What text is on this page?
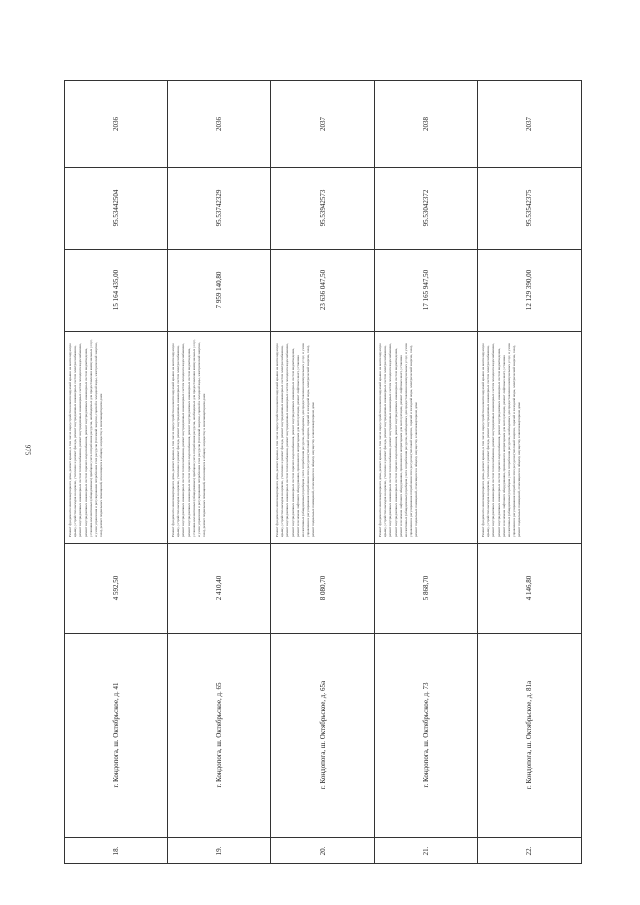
975
2036
95.53442504
15 164 435,00
Ремонт фундамента многоквартирного дома, ремонт крыши, в том числе переустройство невентилируемой крыши на вентилируемую крышу, устройство выходов на кровлю, утепление и ремонт фасада, ремонт внутридомовых инженерных систем электроснабжения, ремонт внутридомовых инженерных систем теплоснабжения, ремонт внутридомовых инженерных систем холодного водоснабжения, ремонт внутридомовых инженерных систем горячего водоснабжения, ремонт внутридомовых инженерных систем водоотведения, установка коллективных (общедомовых) приборов учета потребления ресурсов, необходимых для предоставления коммунальных услуг, и узлов управления и регулирования потребления этих ресурсов (тепловой энергии, горячей и холодной воды, электрической энергии, газа), ремонт подвальных помещений, относящихся к общему имуществу в многоквартирном доме
4 592,50
г. Кондопога, ш. Октябрьское, д. 41
18.
2036
95.53742329
7 959 140,80
Ремонт фундамента многоквартирного дома, ремонт крыши, в том числе переустройство невентилируемой крыши на вентилируемую крышу, устройство выходов на кровлю, утепление и ремонт фасада, ремонт внутридомовых инженерных систем электроснабжения, ремонт внутридомовых инженерных систем теплоснабжения, ремонт внутридомовых инженерных систем холодного водоснабжения, ремонт внутридомовых инженерных систем горячего водоснабжения, ремонт внутридомовых инженерных систем водоотведения, установка коллективных (общедомовых) приборов учета потребления ресурсов, необходимых для предоставления коммунальных услуг, и узлов управления и регулирования потребления этих ресурсов (тепловой энергии, горячей и холодной воды, электрической энергии, газа), ремонт подвальных помещений, относящихся к общему имуществу в многоквартирном доме
2 410,40
г. Кондопога, ш. Октябрьское, д. 65
19.
2037
95.53942573
23 636 047,50
Ремонт фундамента многоквартирного дома, ремонт крыши, в том числе переустройство невентилируемой крыши на вентилируемую крышу, устройство выходов на кровлю, утепление и ремонт фасада, ремонт внутридомовых инженерных систем электроснабжения, ремонт внутридомовых инженерных систем теплоснабжения, ремонт внутридомовых инженерных систем холодного водоснабжения, ремонт внутридомовых инженерных систем горячего водоснабжения, ремонт внутридомовых инженерных систем водоотведения, ремонт или замена лифтового оборудования, признанного непригодным для эксплуатации, ремонт лифтовых шахт, установка коллективных (общедомовых) приборов учета потребления ресурсов, необходимых для предоставления коммунальных услуг, и узлов управления и регулирования потребления этих ресурсов (тепловой энергии, горячей и холодной воды, электрической энергии, газа), ремонт подвальных помещений, относящихся к общему имуществу в многоквартирном доме
8 080,70
г. Кондопога, ш. Октябрьское, д. 65а
20.
2038
95.53042372
17 165 947,50
Ремонт фундамента многоквартирного дома, ремонт крыши, в том числе переустройство невентилируемой крыши на вентилируемую крышу, устройство выходов на кровлю, утепление и ремонт фасада, ремонт внутридомовых инженерных систем электроснабжения, ремонт внутридомовых инженерных систем теплоснабжения, ремонт внутридомовых инженерных систем холодного водоснабжения, ремонт внутридомовых инженерных систем горячего водоснабжения, ремонт внутридомовых инженерных систем водоотведения, ремонт или замена лифтового оборудования, признанного непригодным для эксплуатации, ремонт лифтовых шахт, установка коллективных (общедомовых) приборов учета потребления ресурсов, необходимых для предоставления коммунальных услуг, и узлов управления и регулирования потребления этих ресурсов (тепловой энергии, горячей и холодной воды, электрической энергии, газа), ремонт подвальных помещений, относящихся к общему имуществу в многоквартирном доме
5 868,70
г. Кондопога, ш. Октябрьское, д. 73
21.
2037
95.53542375
12 129 390,00
Ремонт фундамента многоквартирного дома, ремонт крыши, в том числе переустройство невентилируемой крыши на вентилируемую крышу, устройство выходов на кровлю, утепление и ремонт фасада, ремонт внутридомовых инженерных систем электроснабжения, ремонт внутридомовых инженерных систем теплоснабжения, ремонт внутридомовых инженерных систем холодного водоснабжения, ремонт внутридомовых инженерных систем горячего водоснабжения, ремонт внутридомовых инженерных систем водоотведения, ремонт или замена лифтового оборудования, признанного непригодным для эксплуатации, ремонт лифтовых шахт, установка коллективных (общедомовых) приборов учета потребления ресурсов, необходимых для предоставления коммунальных услуг, и узлов управления и регулирования потребления этих ресурсов (тепловой энергии, горячей и холодной воды, электрической энергии, газа), ремонт подвальных помещений, относящихся к общему имуществу в многоквартирном доме
4 146,80
г. Кондопога, ш. Октябрьское, д. 81а
22.
